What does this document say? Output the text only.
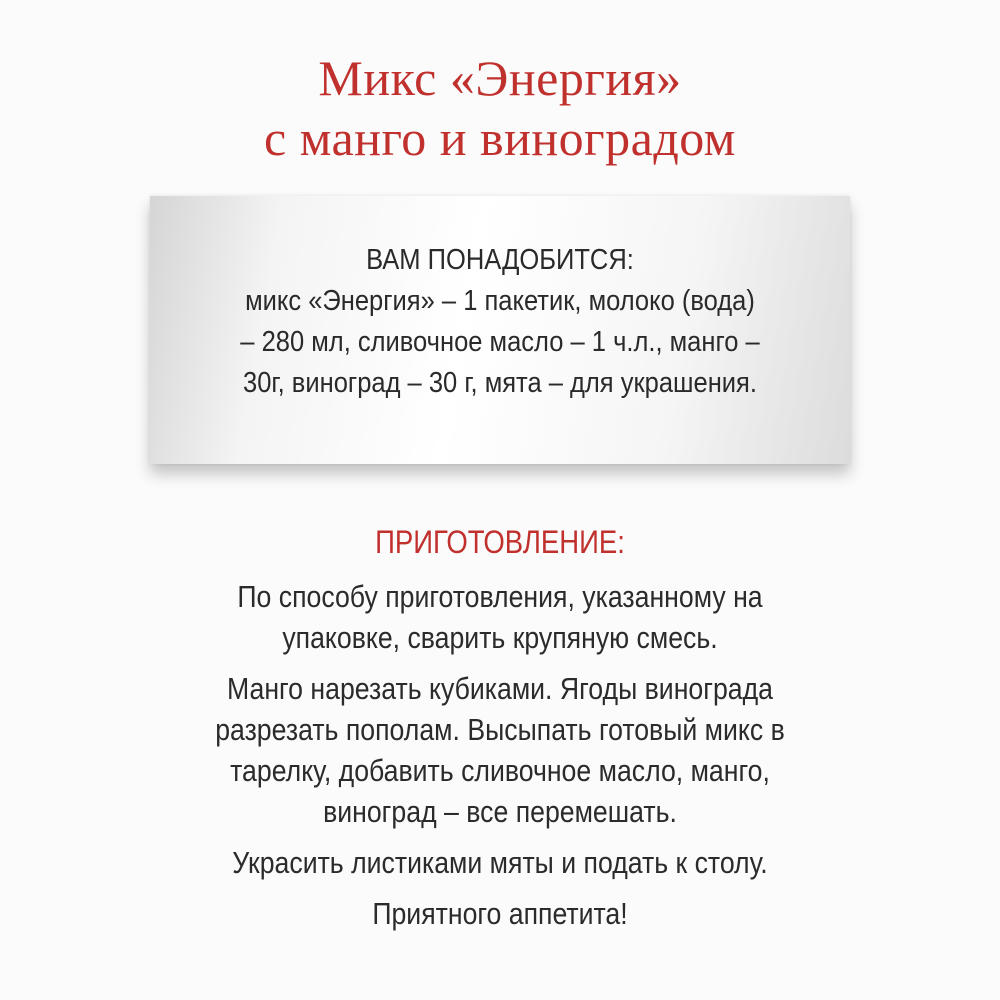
Микс «Энергия»
с манго и виноградом
ВАМ ПОНАДОБИТСЯ:
микс «Энергия» – 1 пакетик, молоко (вода)
– 280 мл, сливочное масло – 1 ч.л., манго –
30г, виноград – 30 г, мята – для украшения.
ПРИГОТОВЛЕНИЕ:
По способу приготовления, указанному на
упаковке, сварить крупяную смесь.
Манго нарезать кубиками. Ягоды винограда
разрезать пополам. Высыпать готовый микс в
тарелку, добавить сливочное масло, манго,
виноград – все перемешать.
Украсить листиками мяты и подать к столу.
Приятного аппетита!
